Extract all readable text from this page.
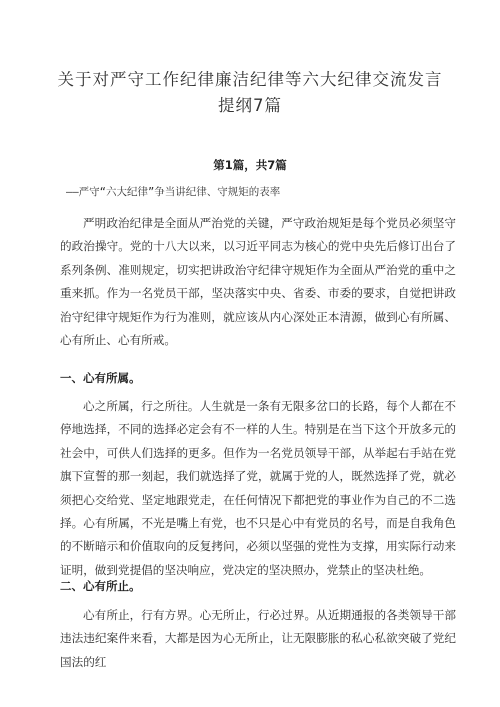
关于对严守工作纪律廉洁纪律等六大纪律交流发言
提纲7篇
第1篇，共7篇
——严守“六大纪律”争当讲纪律、守规矩的表率

严明政治纪律是全面从严治党的关键，严守政治规矩是每个党员必须坚守的政治操守。党的十八大以来，以习近平同志为核心的党中央先后修订出台了系列条例、准则规定，切实把讲政治守纪律守规矩作为全面从严治党的重中之重来抓。作为一名党员干部，坚决落实中央、省委、市委的要求，自觉把讲政治守纪律守规矩作为行为准则，就应该从内心深处正本清源，做到心有所属、心有所止、心有所戒。

一、心有所属。

心之所属，行之所往。人生就是一条有无限多岔口的长路，每个人都在不停地选择，不同的选择必定会有不一样的人生。特别是在当下这个开放多元的社会中，可供人们选择的更多。但作为一名党员领导干部，从举起右手站在党旗下宣誓的那一刻起，我们就选择了党，就属于党的人，既然选择了党，就必须把心交给党、坚定地跟党走，在任何情况下都把党的事业作为自己的不二选择。心有所属，不光是嘴上有党，也不只是心中有党员的名号，而是自我角色的不断暗示和价值取向的反复拷问，必须以坚强的党性为支撑，用实际行动来证明，做到党提倡的坚决响应，党决定的坚决照办，党禁止的坚决杜绝。

二、心有所止。

心有所止，行有方界。心无所止，行必过界。从近期通报的各类领导干部违法违纪案件来看，大都是因为心无所止，让无限膨胀的私心私欲突破了党纪国法的红
